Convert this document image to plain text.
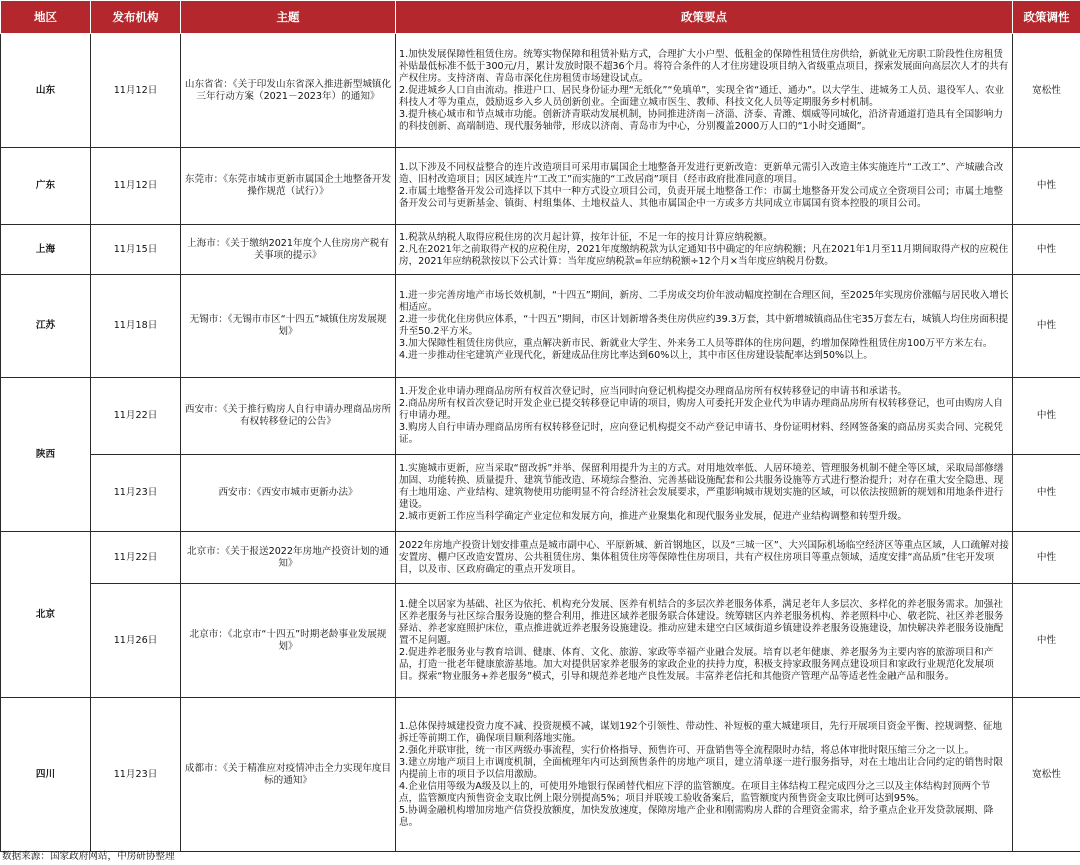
地区	发布机构	主题	政策要点	政策调性
山东	11月12日	山东省省：《关于印发山东省深入推进新型城镇化三年行动方案（2021－2023年）的通知》	1.加快发展保障性租赁住房。统筹实物保障和租赁补贴方式，合理扩大小户型、低租金的保障性租赁住房供给，新就业无房职工阶段性住房租赁补贴最低标准不低于300元/月，累计发放时限不超36个月。将符合条件的人才住房建设项目纳入省级重点项目，探索发展面向高层次人才的共有产权住房。支持济南、青岛市深化住房租赁市场建设试点。

2.促进城乡人口自由流动。推进户口、居民身份证办理“无纸化”“免填单”，实现全省“通迁、通办”。以大学生、进城务工人员、退役军人、农业科技人才等为重点，鼓励返乡入乡人员创新创业。全面建立城市医生、教师、科技文化人员等定期服务乡村机制。

3.提升核心城市和节点城市功能。创新济青联动发展机制，协同推进济南－济淄、济泰、青潍、烟威等同城化，沿济青通道打造具有全国影响力的科技创新、高端制造、现代服务轴带，形成以济南、青岛市为中心，分别覆盖2000万人口的“1小时交通圈”。	宽松性
广东	11月12日	东莞市：《东莞市城市更新市属国企土地整备开发操作规范（试行）》	1.以下涉及不同权益整合的连片改造项目可采用市属国企土地整备开发进行更新改造：更新单元需引入改造主体实施连片“工改工”、产城融合改造、旧村改造项目；因区域连片“工改工”而实施的“工改居商”项目（经市政府批准同意的项目。

2.市属土地整备开发公司选择以下其中一种方式设立项目公司，负责开展土地整备工作：市属土地整备开发公司成立全资项目公司；市属土地整备开发公司与更新基金、镇街、村组集体、土地权益人、其他市属国企中一方或多方共同成立市属国有资本控股的项目公司。	中性
上海	11月15日	上海市：《关于缴纳2021年度个人住房房产税有关事项的提示》	1.税款从纳税人取得应税住房的次月起计算，按年计征，不足一年的按月计算应纳税额。

2.凡在2021年之前取得产权的应税住房，2021年度缴纳税款为认定通知书中确定的年应纳税额；凡在2021年1月至11月期间取得产权的应税住房，2021年应纳税款按以下公式计算：当年度应纳税款=年应纳税额÷12个月×当年度应纳税月份数。	中性
江苏	11月18日	无锡市：《无锡市市区“十四五”城镇住房发展规划》	1.进一步完善房地产市场长效机制，“十四五”期间，新房、二手房成交均价年波动幅度控制在合理区间，至2025年实现房价涨幅与居民收入增长相适应。

2.进一步优化住房供应体系，“十四五”期间，市区计划新增各类住房供应约39.3万套，其中新增城镇商品住宅35万套左右，城镇人均住房面积提升至50.2平方米。

3.加大保障性租赁住房供应，重点解决新市民、新就业大学生、外来务工人员等群体的住房问题，约增加保障性租赁住房100万平方米左右。

4.进一步推动住宅建筑产业现代化，新建成品住房比率达到60%以上，其中市区住房建设装配率达到50%以上。	中性
陕西	11月22日	西安市：《关于推行购房人自行申请办理商品房所有权转移登记的公告》	1.开发企业申请办理商品房所有权首次登记时，应当同时向登记机构提交办理商品房所有权转移登记的申请书和承诺书。

2.商品房所有权首次登记时开发企业已提交转移登记申请的项目，购房人可委托开发企业代为申请办理商品房所有权转移登记，也可由购房人自行申请办理。

3.购房人自行申请办理商品房所有权转移登记时，应向登记机构提交不动产登记申请书、身份证明材料、经网签备案的商品房买卖合同、完税凭证。	中性
	11月23日	西安市：《西安市城市更新办法》	1.实施城市更新，应当采取“留改拆”并举、保留利用提升为主的方式。对用地效率低、人居环境差、管理服务机制不健全等区域，采取局部修缮加固、功能转换、质量提升、建筑节能改造、环境综合整治、完善基础设施配套和公共服务设施等方式进行整治提升；对存在重大安全隐患、现有土地用途、产业结构、建筑物使用功能明显不符合经济社会发展要求，严重影响城市规划实施的区域，可以依法按照新的规划和用地条件进行建设。

2.城市更新工作应当科学确定产业定位和发展方向，推进产业聚集化和现代服务业发展，促进产业结构调整和转型升级。	中性
北京	11月22日	北京市：《关于报送2022年房地产投资计划的通知》	2022年房地产投资计划安排重点是城市副中心、平原新城、新首钢地区，以及“三城一区”、大兴国际机场临空经济区等重点区域，人口疏解对接安置房、棚户区改造安置房、公共租赁住房、集体租赁住房等保障性住房项目，共有产权住房项目等重点领域，适度安排“高品质”住宅开发项目，以及市、区政府确定的重点开发项目。	中性
	11月26日	北京市：《北京市“十四五”时期老龄事业发展规划》	1.健全以居家为基础、社区为依托、机构充分发展、医养有机结合的多层次养老服务体系，满足老年人多层次、多样化的养老服务需求。加强社区养老服务与社区综合服务设施的整合利用，推进区域养老服务联合体建设。统筹辖区内养老服务机构、养老照料中心、敬老院、社区养老服务驿站、养老家庭照护床位，重点推进就近养老服务设施建设。推动应建未建空白区域街道乡镇建设养老服务设施建设，加快解决养老服务设施配置不足问题。

2.促进养老服务业与教育培训、健康、体育、文化、旅游、家政等幸福产业融合发展。培育以老年健康、养老服务为主要内容的旅游项目和产品，打造一批老年健康旅游基地。加大对提供居家养老服务的家政企业的扶持力度，积极支持家政服务网点建设项目和家政行业规范化发展项目。探索“物业服务+养老服务”模式，引导和规范养老地产良性发展。丰富养老信托和其他资产管理产品等适老性金融产品和服务。	中性
四川	11月23日	成都市：《关于精准应对疫情冲击全力实现年度目标的通知》	1.总体保持城建投资力度不减、投资规模不减，谋划192个引领性、带动性、补短板的重大城建项目，先行开展项目资金平衡、控规调整、征地拆迁等前期工作，确保项目顺利落地实施。

2.强化并联审批，统一市区两级办事流程，实行价格指导、预售许可、开盘销售等全流程限时办结，将总体审批时限压缩三分之一以上。

3.建立房地产项目上市调度机制，全面梳理年内可达到预售条件的房地产项目，建立清单逐一进行服务指导，对在土地出让合同约定的销售时限内提前上市的项目予以信用激励。

4.企业信用等级为A级及以上的，可使用外地银行保函替代相应下浮的监管额度。在项目主体结构工程完成四分之三以及主体结构封顶两个节点，监管额度内预售资金支取比例上限分别提高5%；项目并联竣工验收备案后，监管额度内预售资金支取比例可达到95%。

5.协调金融机构增加房地产信贷投放额度，加快发放速度，保障房地产企业和刚需购房人群的合理资金需求，给予重点企业开发贷款展期、降息。	宽松性
数据来源：国家政府网站，中房研协整理
